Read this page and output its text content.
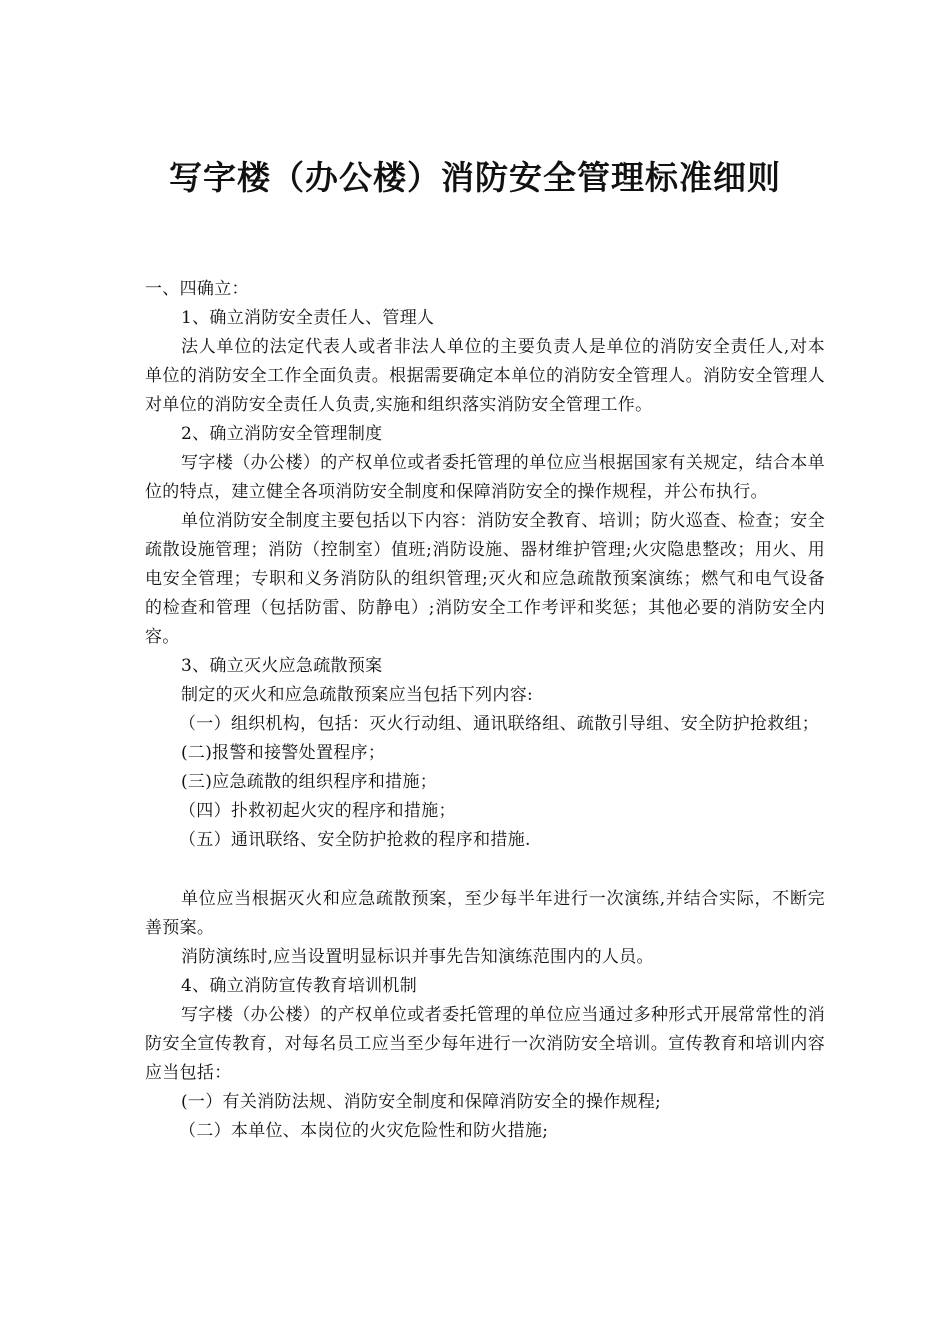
写字楼（办公楼）消防安全管理标准细则

一、四确立：

1、确立消防安全责任人、管理人

法人单位的法定代表人或者非法人单位的主要负责人是单位的消防安全责任人,对本单位的消防安全工作全面负责。根据需要确定本单位的消防安全管理人。消防安全管理人对单位的消防安全责任人负责,实施和组织落实消防安全管理工作。

2、确立消防安全管理制度

写字楼（办公楼）的产权单位或者委托管理的单位应当根据国家有关规定，结合本单位的特点，建立健全各项消防安全制度和保障消防安全的操作规程，并公布执行。

单位消防安全制度主要包括以下内容：消防安全教育、培训；防火巡查、检查；安全疏散设施管理；消防（控制室）值班;消防设施、器材维护管理;火灾隐患整改；用火、用电安全管理；专职和义务消防队的组织管理;灭火和应急疏散预案演练；燃气和电气设备的检查和管理（包括防雷、防静电）;消防安全工作考评和奖惩；其他必要的消防安全内容。

3、确立灭火应急疏散预案

制定的灭火和应急疏散预案应当包括下列内容:

（一）组织机构，包括：灭火行动组、通讯联络组、疏散引导组、安全防护抢救组；

(二)报警和接警处置程序；

(三)应急疏散的组织程序和措施；

（四）扑救初起火灾的程序和措施；

（五）通讯联络、安全防护抢救的程序和措施.

单位应当根据灭火和应急疏散预案，至少每半年进行一次演练,并结合实际，不断完善预案。

消防演练时,应当设置明显标识并事先告知演练范围内的人员。

4、确立消防宣传教育培训机制

写字楼（办公楼）的产权单位或者委托管理的单位应当通过多种形式开展常常性的消防安全宣传教育，对每名员工应当至少每年进行一次消防安全培训。宣传教育和培训内容应当包括：

(一）有关消防法规、消防安全制度和保障消防安全的操作规程;

（二）本单位、本岗位的火灾危险性和防火措施;
